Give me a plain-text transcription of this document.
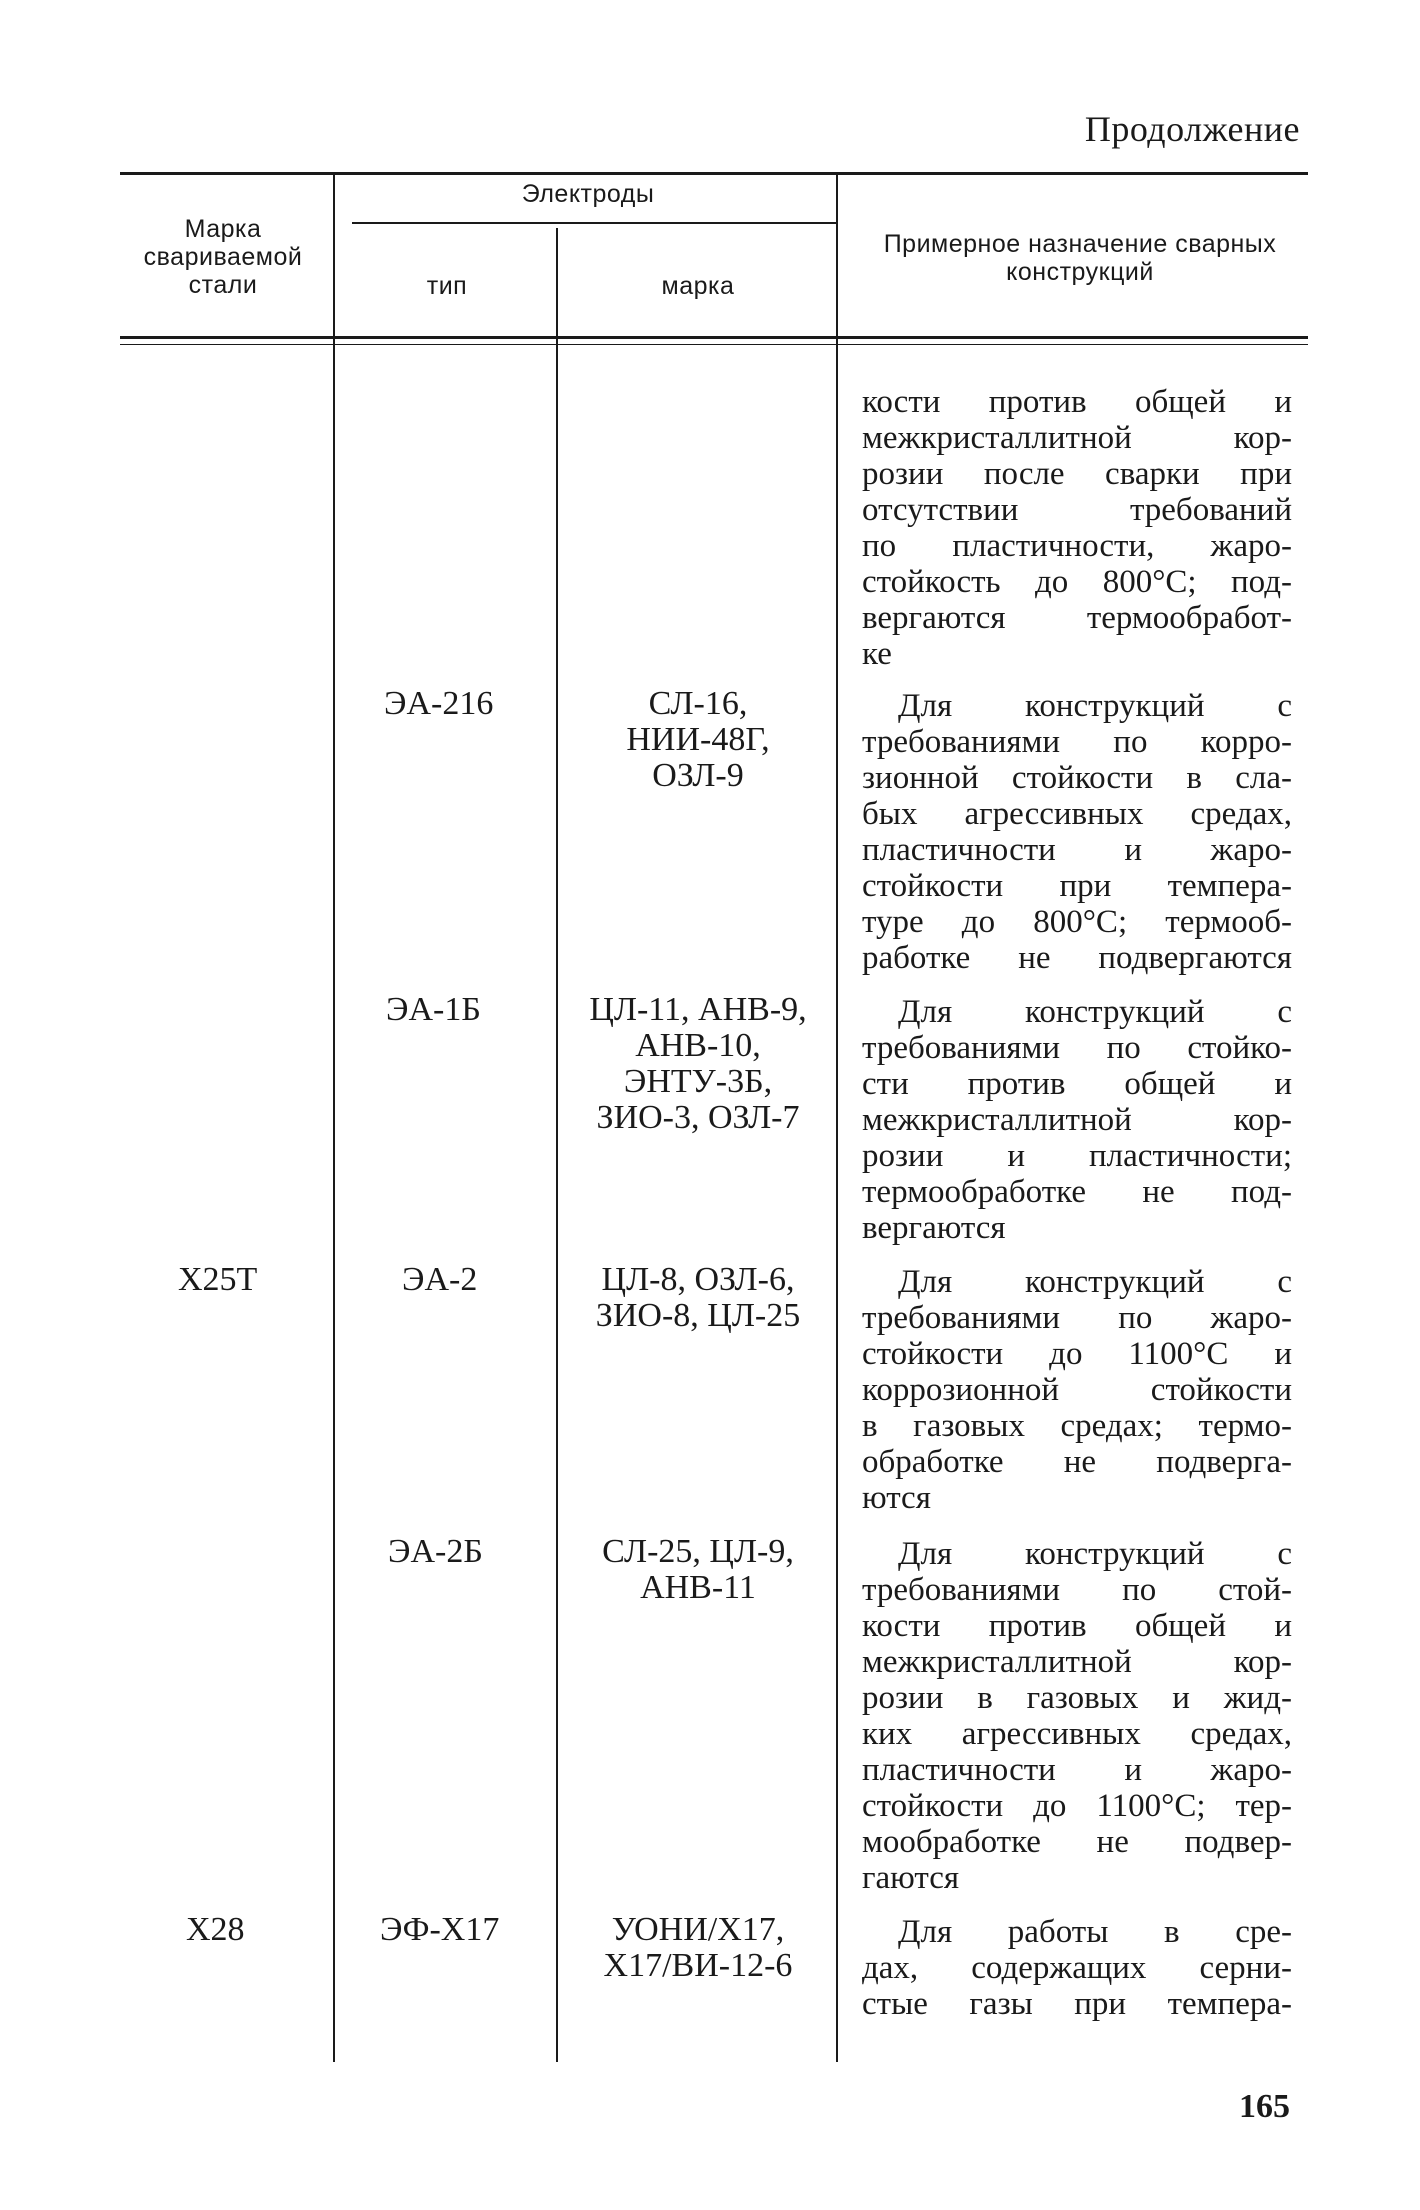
Продолжение
Марка свариваемой стали
Электроды
тип	марка
Примерное назначение сварных конструкций
Х25Т
Х28
ЭА-216
ЭА-1Б
ЭА-2
ЭА-2Б
ЭФ-Х17
СЛ-16,
НИИ-48Г,
ОЗЛ-9
ЦЛ-11, АНВ-9,
АНВ-10,
ЭНТУ-3Б,
ЗИО-3, ОЗЛ-7
ЦЛ-8, ОЗЛ-6,
ЗИО-8, ЦЛ-25
СЛ-25, ЦЛ-9,
АНВ-11
УОНИ/Х17,
Х17/ВИ-12-6
кости против общей и
межкристаллитной кор-
розии после сварки при
отсутствии требований
по пластичности, жаро-
стойкость до 800°С; под-
вергаются термообработ-
ке
Для конструкций с
требованиями по корро-
зионной стойкости в сла-
бых агрессивных средах,
пластичности и жаро-
стойкости при темпера-
туре до 800°С; термооб-
работке не подвергаются
Для конструкций с
требованиями по стойко-
сти против общей и
межкристаллитной кор-
розии и пластичности;
термообработке не под-
вергаются
Для конструкций с
требованиями по жаро-
стойкости до 1100°С и
коррозионной стойкости
в газовых средах; термо-
обработке не подверга-
ются
Для конструкций с
требованиями по стой-
кости против общей и
межкристаллитной кор-
розии в газовых и жид-
ких агрессивных средах,
пластичности и жаро-
стойкости до 1100°С; тер-
мообработке не подвер-
гаются
Для работы в сре-
дах, содержащих серни-
стые газы при темпера-
165
